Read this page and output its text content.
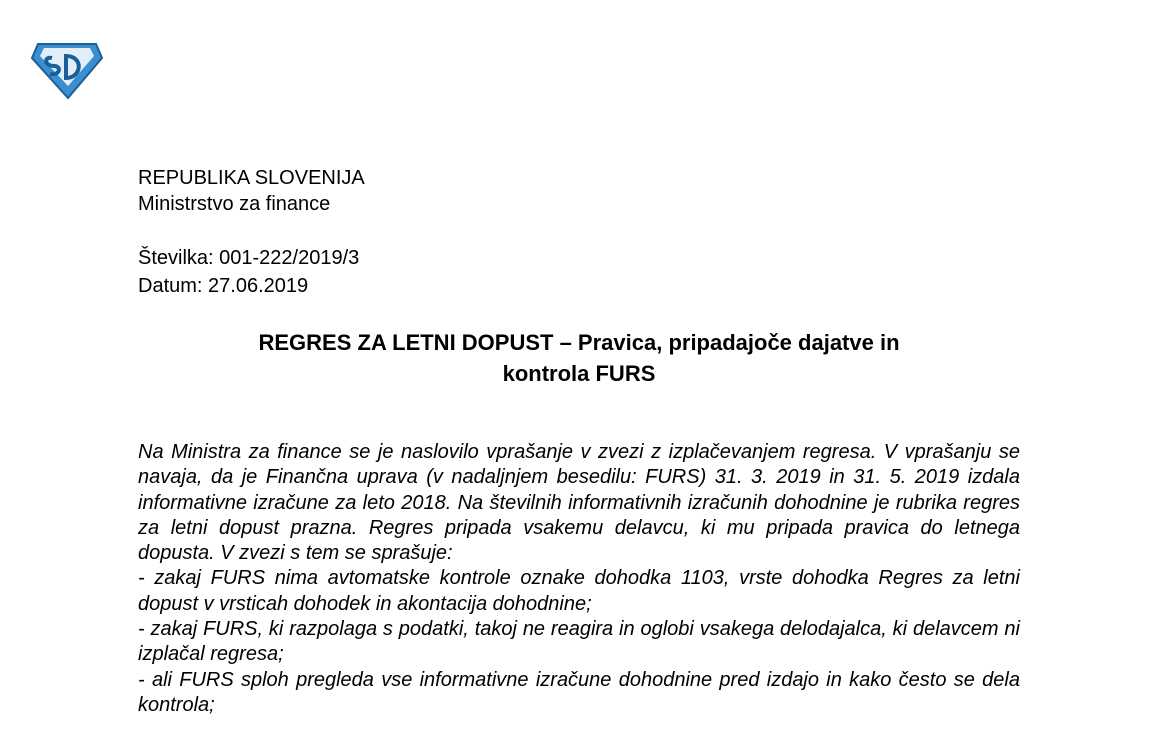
REPUBLIKA SLOVENIJA
Ministrstvo za finance
Številka: 001-222/2019/3
Datum: 27.06.2019
REGRES ZA LETNI DOPUST – Pravica, pripadajoče dajatve in
kontrola FURS

Na Ministra za finance se je naslovilo vprašanje v zvezi z izplačevanjem regresa. V vprašanju se navaja, da je Finančna uprava (v nadaljnjem besedilu: FURS) 31. 3. 2019 in 31. 5. 2019 izdala informativne izračune za leto 2018. Na številnih informativnih izračunih dohodnine je rubrika regres za letni dopust prazna. Regres pripada vsakemu delavcu, ki mu pripada pravica do letnega dopusta. V zvezi s tem se sprašuje:

- zakaj FURS nima avtomatske kontrole oznake dohodka 1103, vrste dohodka Regres za letni dopust v vrsticah dohodek in akontacija dohodnine;

- zakaj FURS, ki razpolaga s podatki, takoj ne reagira in oglobi vsakega delodajalca, ki delavcem ni izplačal regresa;

- ali FURS sploh pregleda vse informativne izračune dohodnine pred izdajo in kako često se dela kontrola;
